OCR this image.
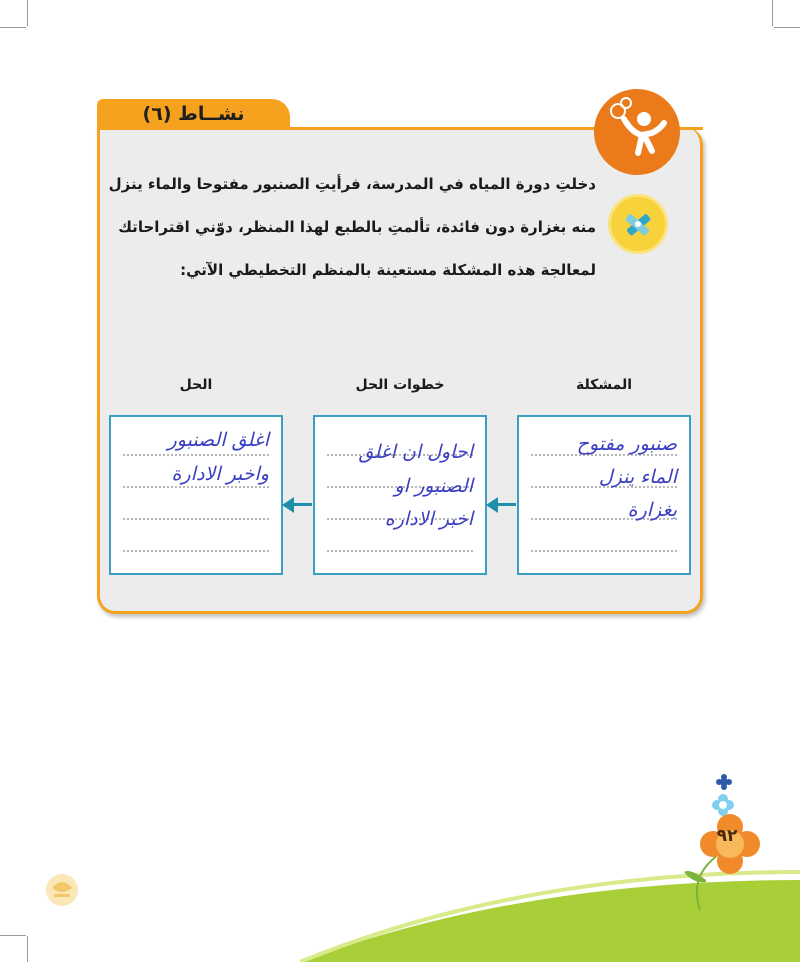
نشــاط (٦)
دخلتِ دورة المياه في المدرسة، فرأيتِ الصنبور مفتوحا والماء ينزل
منه بغزارة دون فائدة، تألمتِ بالطبع لهذا المنظر، دوّني اقتراحاتك
لمعالجة هذه المشكلة مستعينة بالمنظم التخطيطي الآتي:
المشكلة
خطوات الحل
الحل
صنبور مفتوح
الماء ينزل
بغزارة
احاول ان اغلق
الصنبور او
اخبر الاداره
اغلق الصنبور
واخبر الادارة
٩٢
